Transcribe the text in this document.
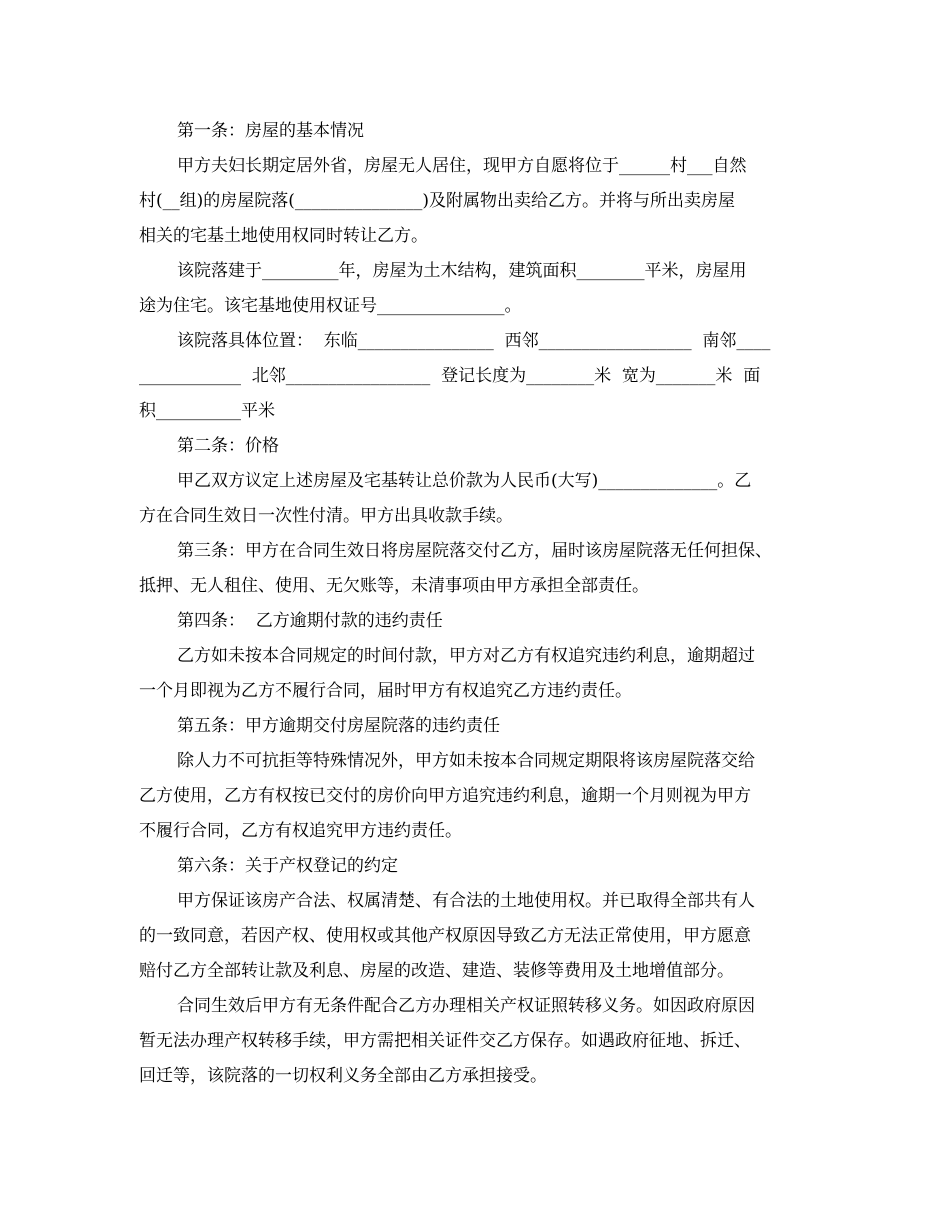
第一条：房屋的基本情况

甲方夫妇长期定居外省，房屋无人居住，现甲方自愿将位于______村___自然

村(__组)的房屋院落(_______________)及附属物出卖给乙方。并将与所出卖房屋

相关的宅基土地使用权同时转让乙方。

该院落建于_________年，房屋为土木结构，建筑面积________平米，房屋用

途为住宅。该宅基地使用权证号_______________。

该院落具体位置：  东临________________  西邻__________________  南邻____

____________  北邻_________________  登记长度为________米  宽为_______米  面

积__________平米

第二条：价格

甲乙双方议定上述房屋及宅基转让总价款为人民币(大写)______________。乙

方在合同生效日一次性付清。甲方出具收款手续。

第三条：甲方在合同生效日将房屋院落交付乙方，届时该房屋院落无任何担保、

抵押、无人租住、使用、无欠账等，未清事项由甲方承担全部责任。

第四条：  乙方逾期付款的违约责任

乙方如未按本合同规定的时间付款，甲方对乙方有权追究违约利息，逾期超过

一个月即视为乙方不履行合同，届时甲方有权追究乙方违约责任。

第五条：甲方逾期交付房屋院落的违约责任

除人力不可抗拒等特殊情况外，甲方如未按本合同规定期限将该房屋院落交给

乙方使用，乙方有权按已交付的房价向甲方追究违约利息，逾期一个月则视为甲方

不履行合同，乙方有权追究甲方违约责任。

第六条：关于产权登记的约定

甲方保证该房产合法、权属清楚、有合法的土地使用权。并已取得全部共有人

的一致同意，若因产权、使用权或其他产权原因导致乙方无法正常使用，甲方愿意

赔付乙方全部转让款及利息、房屋的改造、建造、装修等费用及土地增值部分。

合同生效后甲方有无条件配合乙方办理相关产权证照转移义务。如因政府原因

暂无法办理产权转移手续，甲方需把相关证件交乙方保存。如遇政府征地、拆迁、

回迁等，该院落的一切权利义务全部由乙方承担接受。
